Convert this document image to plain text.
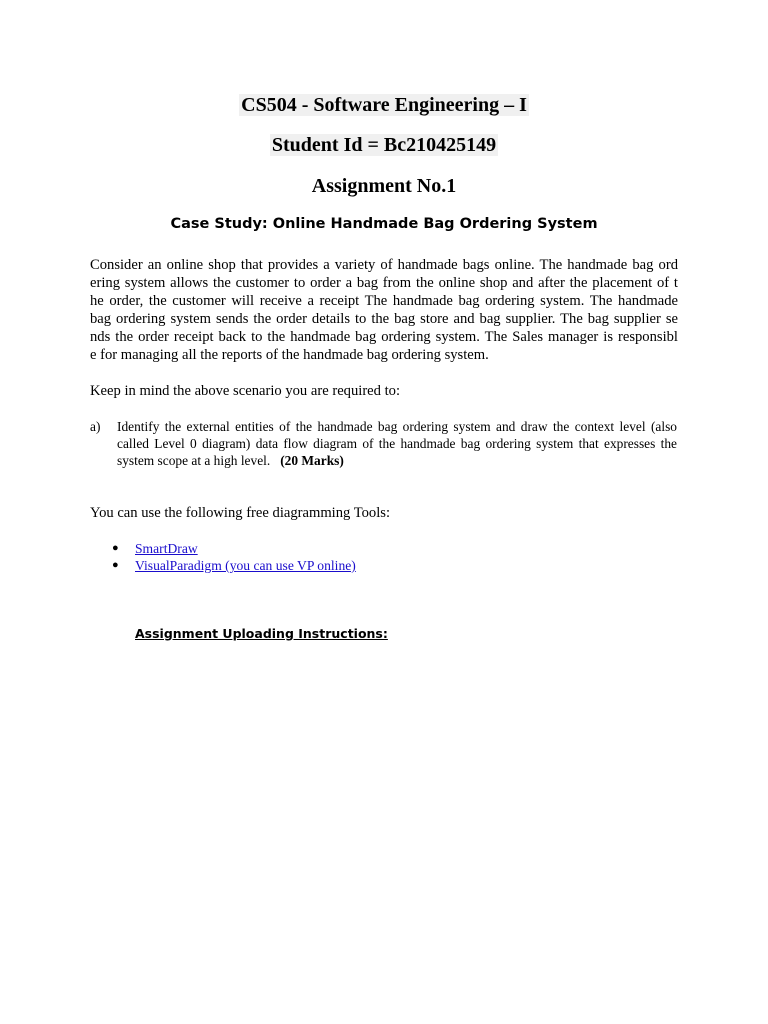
CS504 - Software Engineering – I
Student Id = Bc210425149
Assignment No.1
Case Study: Online Handmade Bag Ordering System
Consider an online shop that provides a variety of handmade bags online. The handmade bag ord
ering system allows the customer to order a bag from the online shop and after the placement of t
he order, the customer will receive a receipt The handmade bag ordering system. The handmade
bag ordering system sends the order details to the bag store and bag supplier. The bag supplier se
nds the order receipt back to the handmade bag ordering system. The Sales manager is responsibl
e for managing all the reports of the handmade bag ordering system.
Keep in mind the above scenario you are required to:
a) Identify the external entities of the handmade bag ordering system and draw the context level (also
called Level 0 diagram) data flow diagram of the handmade bag ordering system that expresses the
system scope at a high level. (20 Marks)
You can use the following free diagramming Tools:
● SmartDraw
● VisualParadigm (you can use VP online)
Assignment Uploading Instructions:
